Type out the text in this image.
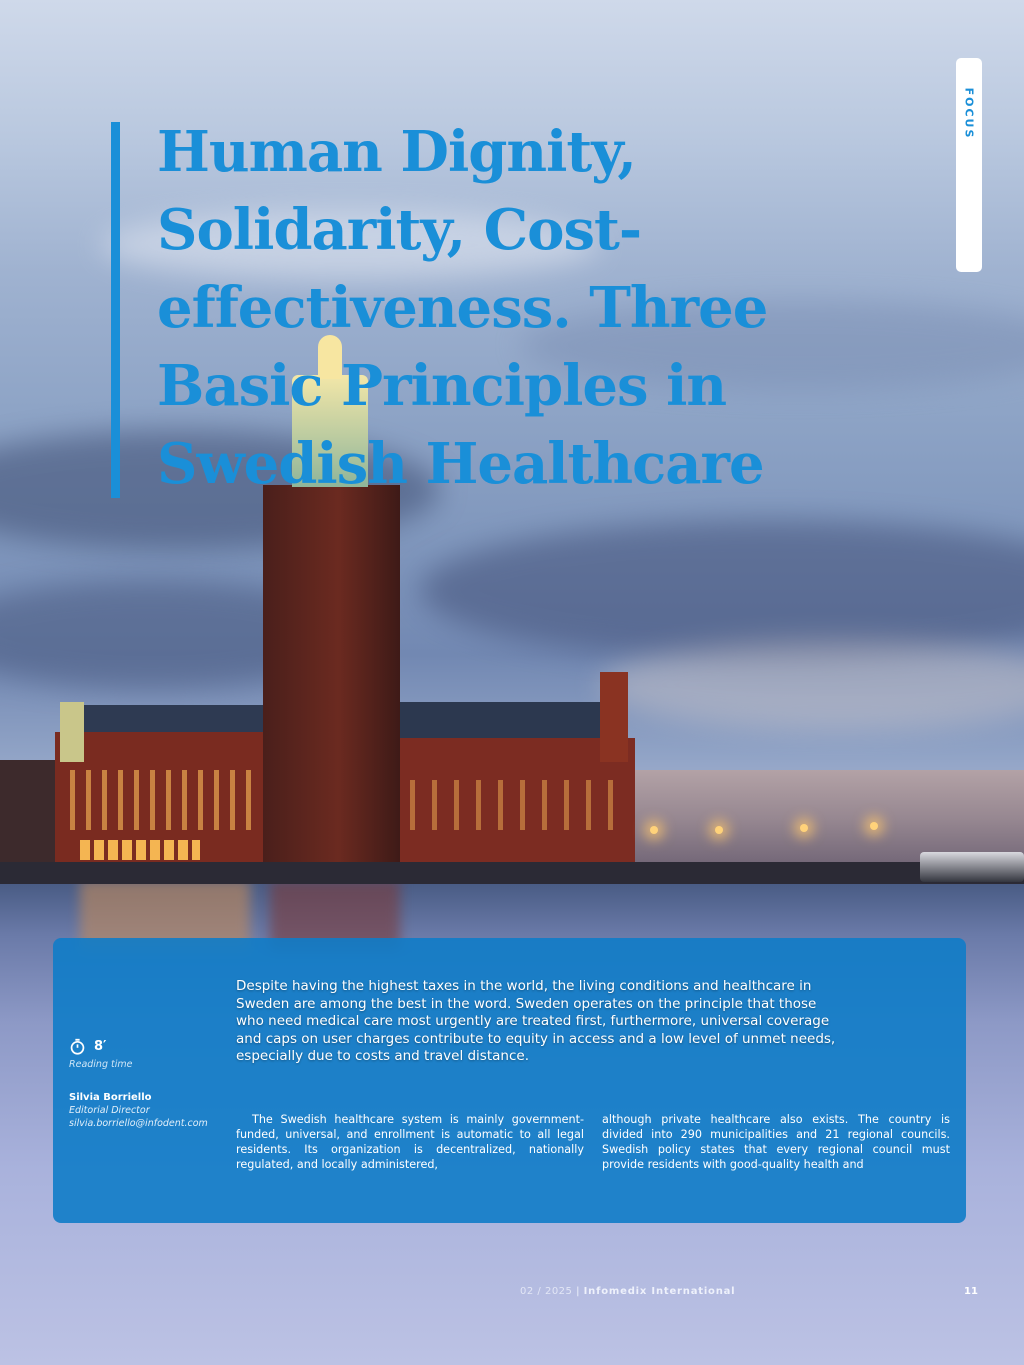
FOCUS
Human Dignity,
Solidarity, Cost-
effectiveness. Three
Basic Principles in
Swedish Healthcare
8′
Reading time
Silvia Borriello
Editorial Director
silvia.borriello@infodent.com

Despite having the highest taxes in the world, the living conditions and healthcare in Sweden are among the best in the word. Sweden operates on the principle that those who need medical care most urgently are treated first, furthermore, universal coverage and caps on user charges contribute to equity in access and a low level of unmet needs, especially due to costs and travel distance.

The Swedish healthcare system is mainly government-funded, universal, and enrollment is automatic to all legal residents. Its organization is decentralized, nationally regulated, and locally administered,

although private healthcare also exists. The country is divided into 290 municipalities and 21 regional councils. Swedish policy states that every regional council must provide residents with good-quality health and

02 / 2025 | Infomedix International	11
